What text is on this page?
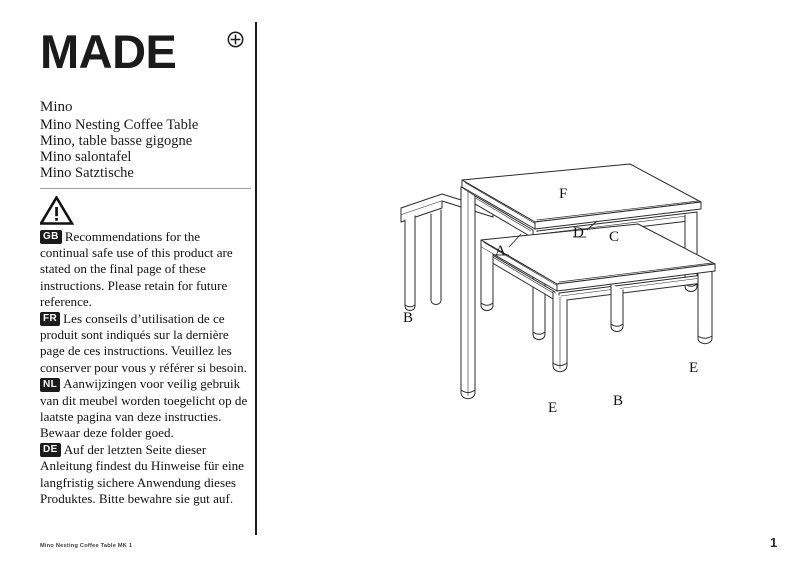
MADE
Mino
Mino Nesting Coffee Table
Mino, table basse gigogne
Mino salontafel
Mino Satztische

GB Recommendations for the continual safe use of this product are stated on the final page of these instructions. Please retain for future reference.

FR Les conseils d’utilisation de ce produit sont indiqués sur la dernière page de ces instructions. Veuillez les conserver pour vous y référer si besoin.

NL Aanwijzingen voor veilig gebruik van dit meubel worden toegelicht op de laatste pagina van deze instructies. Bewaar deze folder goed.

DE Auf der letzten Seite dieser Anleitung findest du Hinweise für eine langfristig sichere Anwendung dieses Produktes. Bitte bewahre sie gut auf.

F
A
D C
B
E	B
E
Mino Nesting Coffee Table MK 1	1
